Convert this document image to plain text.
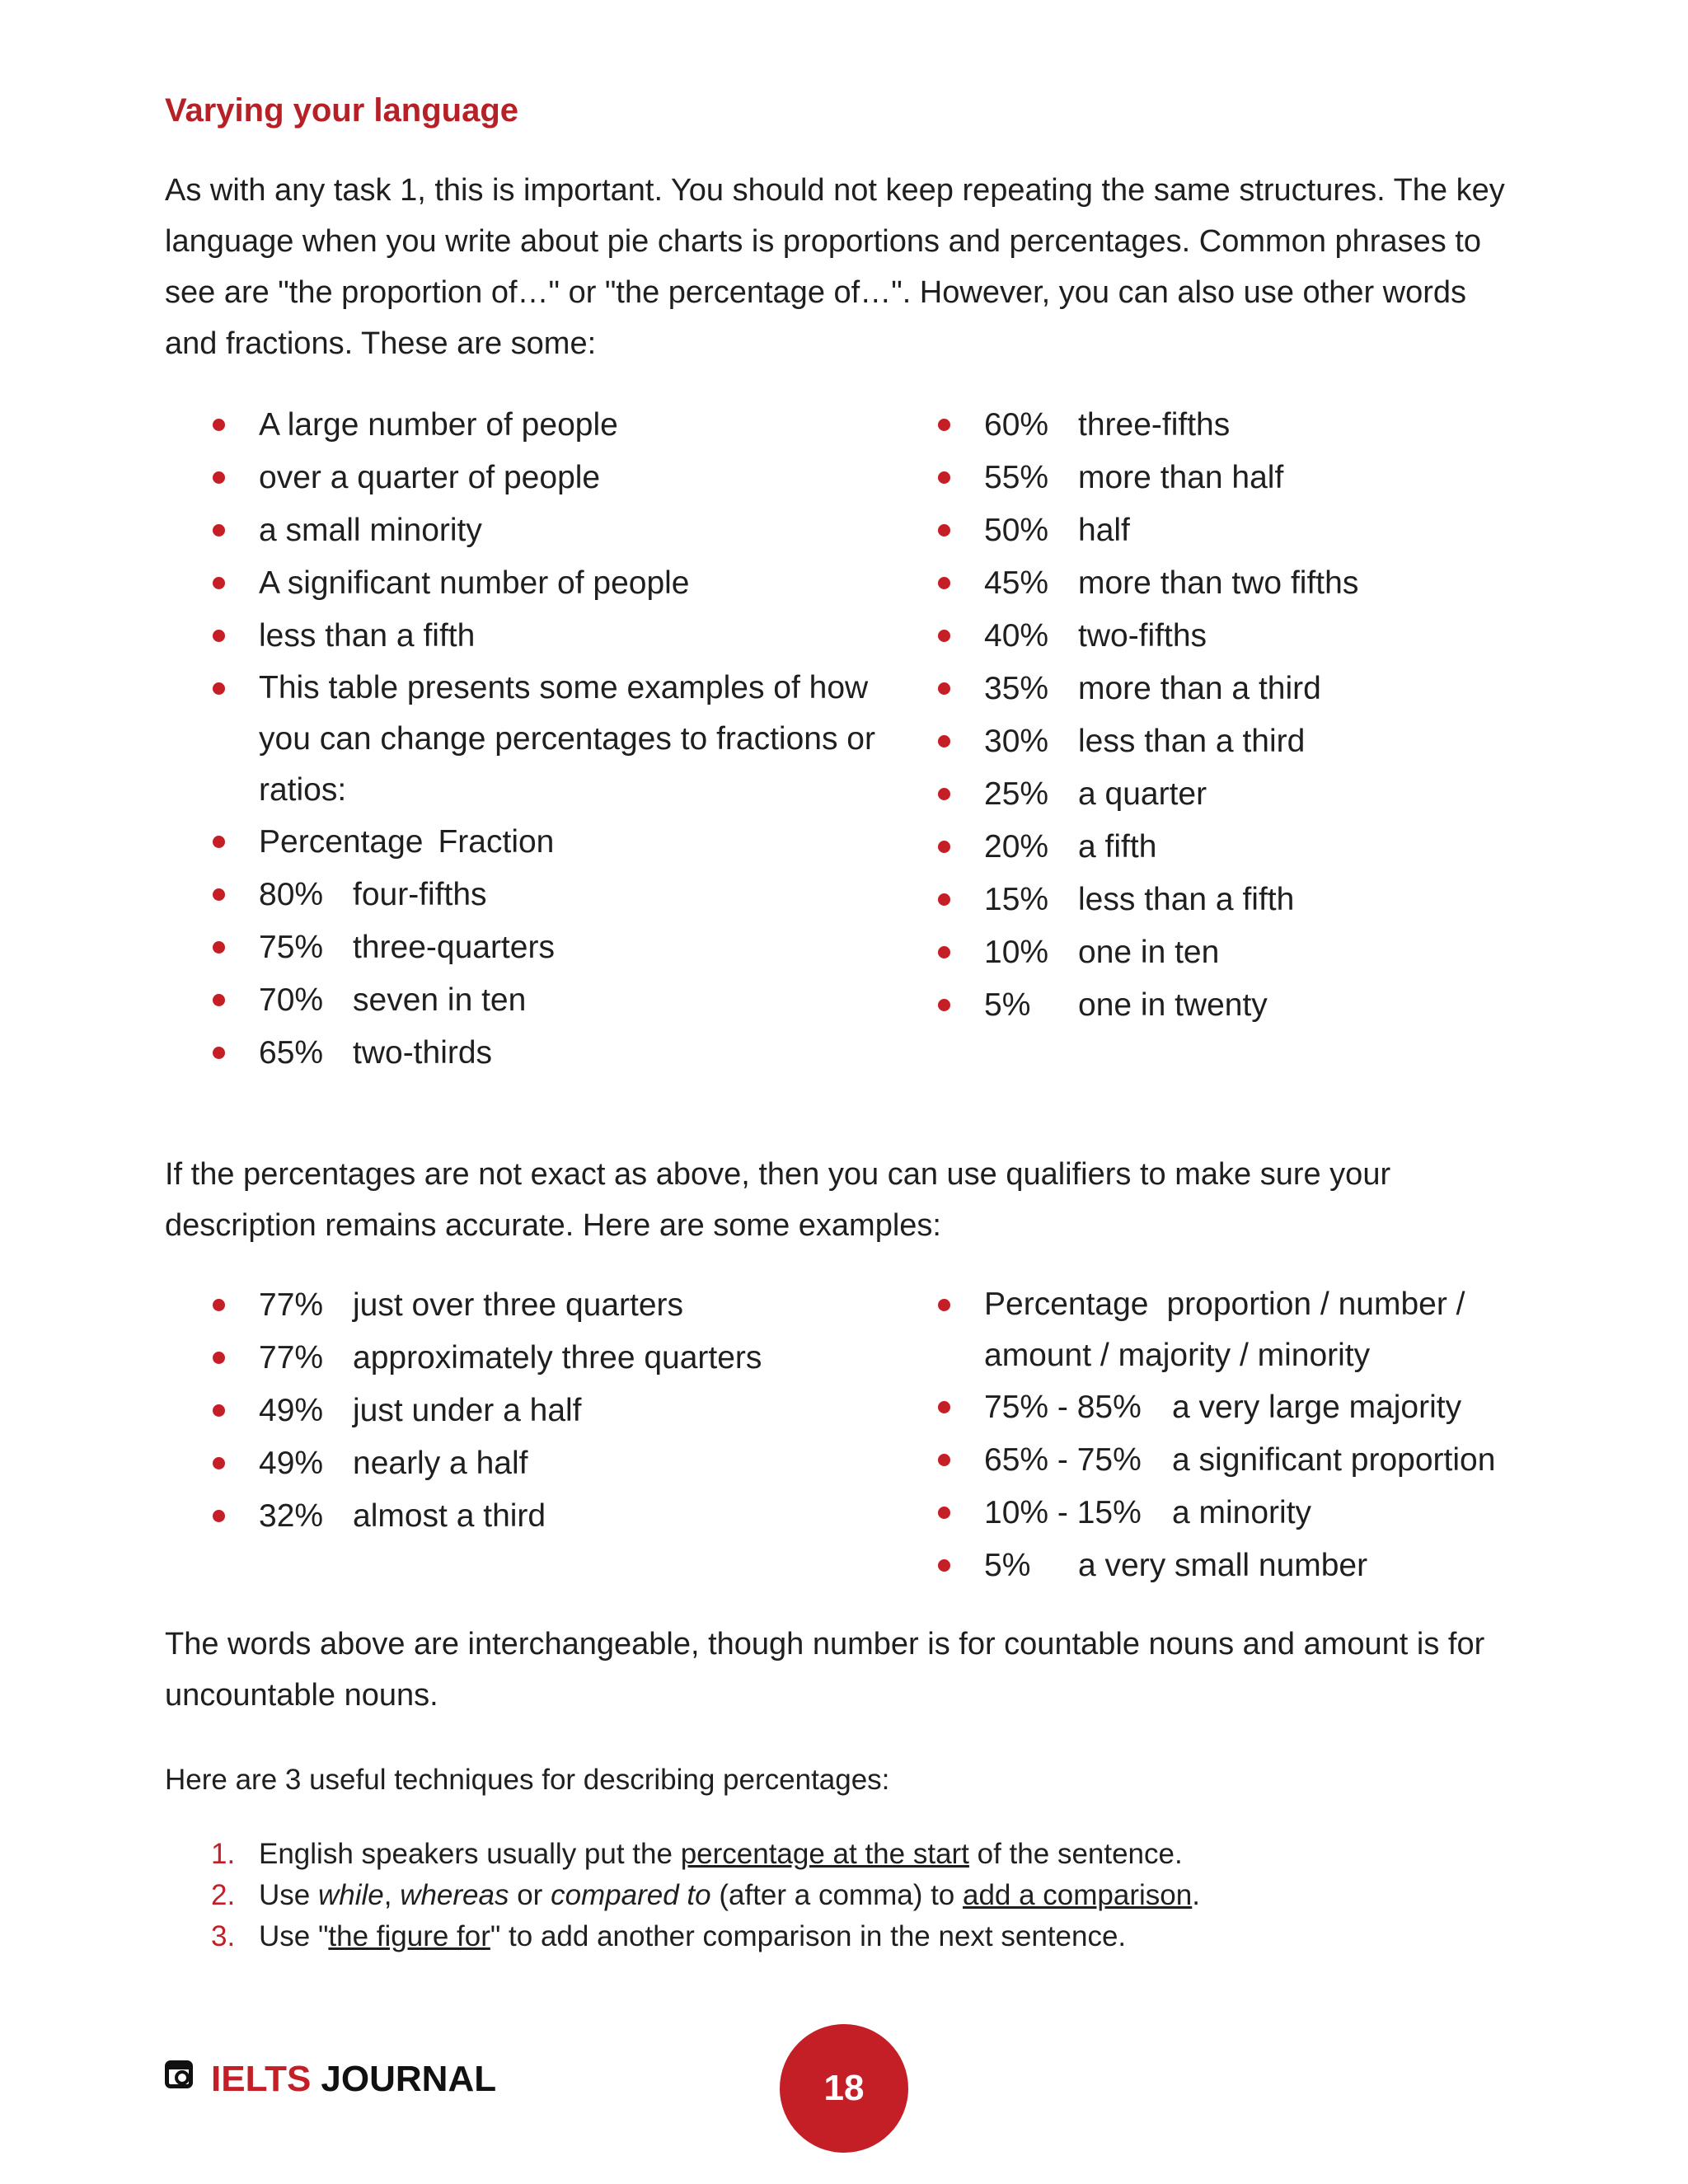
Varying your language
As with any task 1, this is important. You should not keep repeating the same structures. The key language when you write about pie charts is proportions and percentages. Common phrases to see are "the proportion of…" or "the percentage of…". However, you can also use other words and fractions. These are some:
A large number of people
over a quarter of people
a small minority
A significant number of people
less than a fifth
This table presents some examples of how you can change percentages to fractions or ratios:
Percentage Fraction
80% four-fifths
75% three-quarters
70% seven in ten
65% two-thirds
60% three-fifths
55% more than half
50% half
45% more than two fifths
40% two-fifths
35% more than a third
30% less than a third
25% a quarter
20% a fifth
15% less than a fifth
10% one in ten
5% one in twenty
If the percentages are not exact as above, then you can use qualifiers to make sure your description remains accurate. Here are some examples:
77% just over three quarters
77% approximately three quarters
49% just under a half
49% nearly a half
32% almost a third
Percentage proportion / number / amount / majority / minority
75% - 85% a very large majority
65% - 75% a significant proportion
10% - 15% a minority
5% a very small number
The words above are interchangeable, though number is for countable nouns and amount is for uncountable nouns.
Here are 3 useful techniques for describing percentages:
1. English speakers usually put the percentage at the start of the sentence.
2. Use while, whereas or compared to (after a comma) to add a comparison.
3. Use "the figure for" to add another comparison in the next sentence.
IELTS JOURNAL	18
